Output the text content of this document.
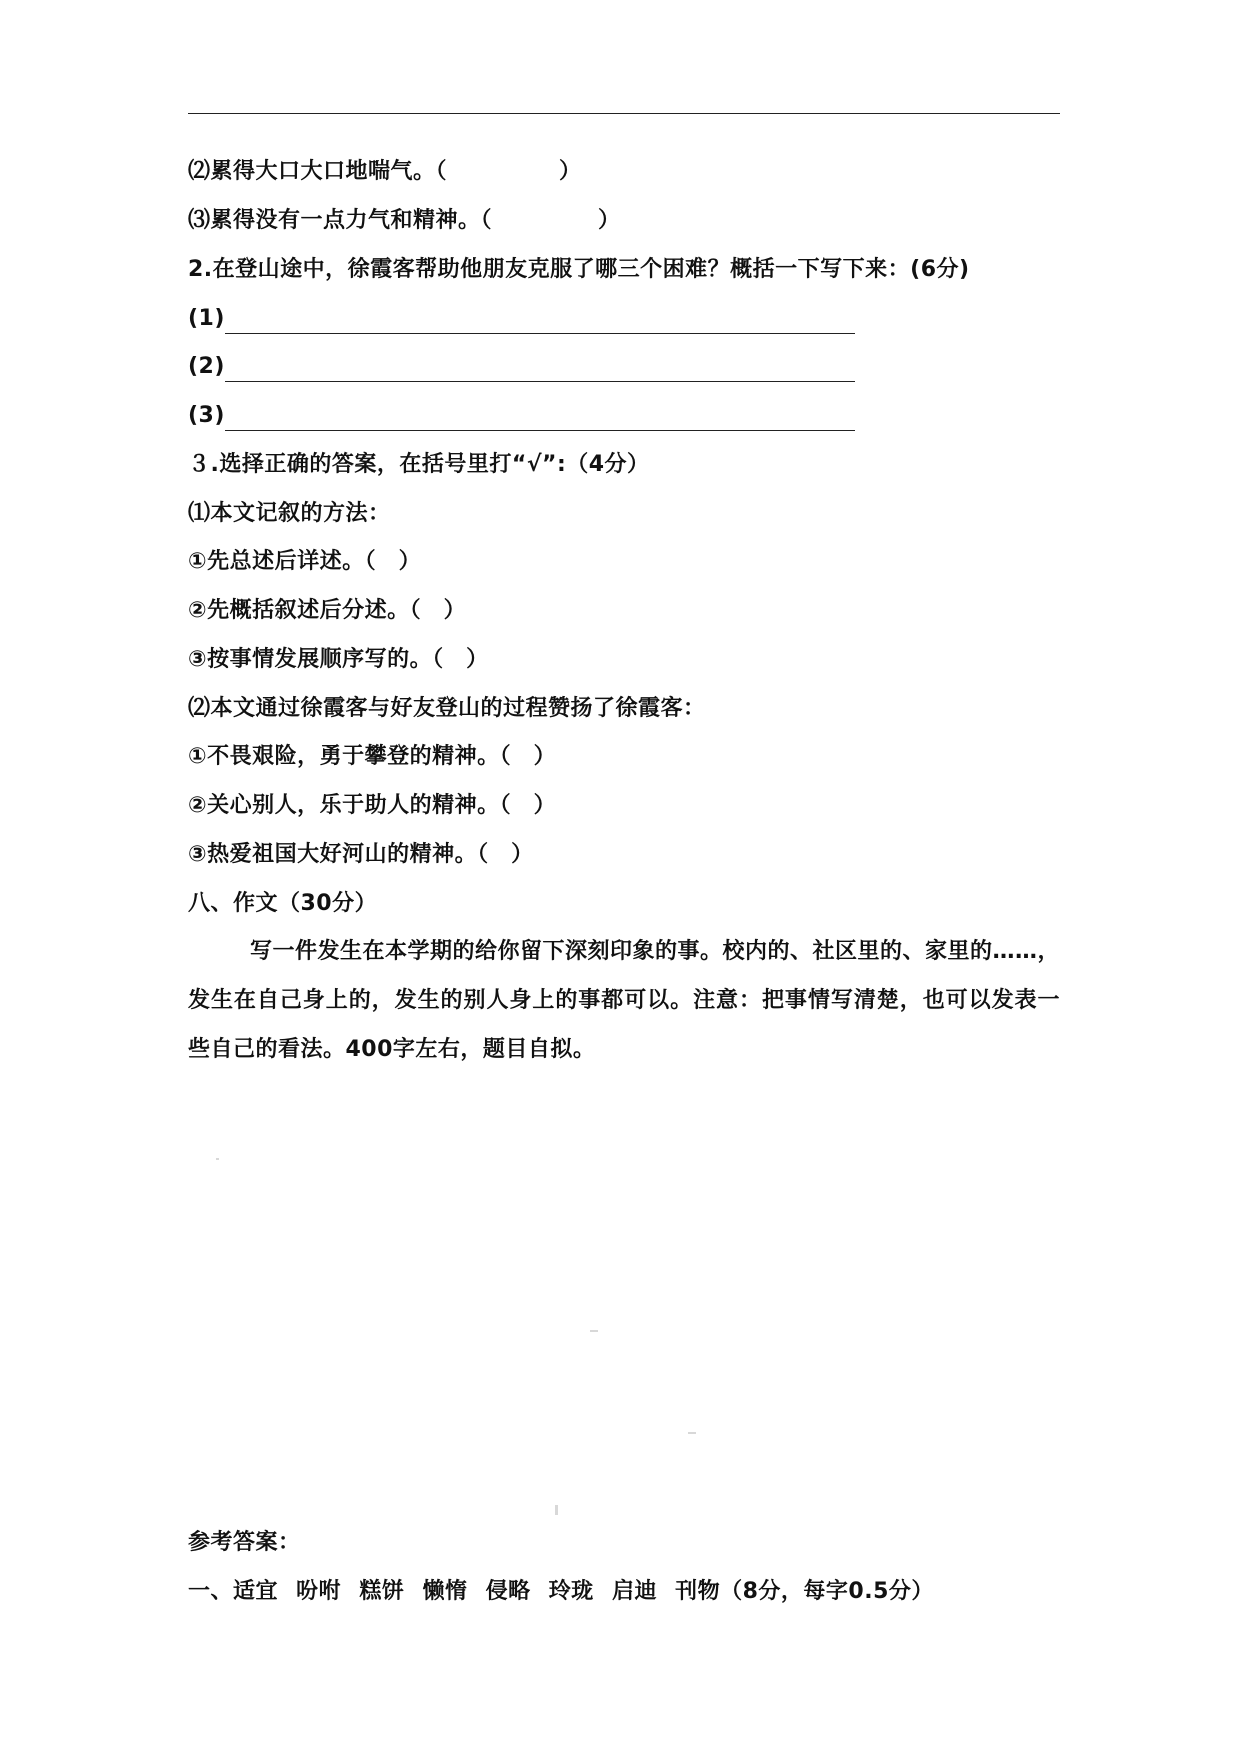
⑵累得大口大口地喘气。（	）
⑶累得没有一点力气和精神。（	）
2.在登山途中，徐霞客帮助他朋友克服了哪三个困难？概括一下写下来：(6分)
(1)
(2)
(3)
３.选择正确的答案，在括号里打“√”:（4分）
⑴本文记叙的方法：
①先总述后详述。（　）
②先概括叙述后分述。（　）
③按事情发展顺序写的。（　）
⑵本文通过徐霞客与好友登山的过程赞扬了徐霞客：
①不畏艰险，勇于攀登的精神。（　）
②关心别人，乐于助人的精神。（　）
③热爱祖国大好河山的精神。（　）
八、作文（30分）
写一件发生在本学期的给你留下深刻印象的事。校内的、社区里的、家里的……，发生在自己身上的，发生的别人身上的事都可以。注意：把事情写清楚，也可以发表一些自己的看法。400字左右，题目自拟。
参考答案：
一、适宜 吩咐 糕饼 懒惰 侵略 玲珑 启迪 刊物（8分，每字0.5分）
